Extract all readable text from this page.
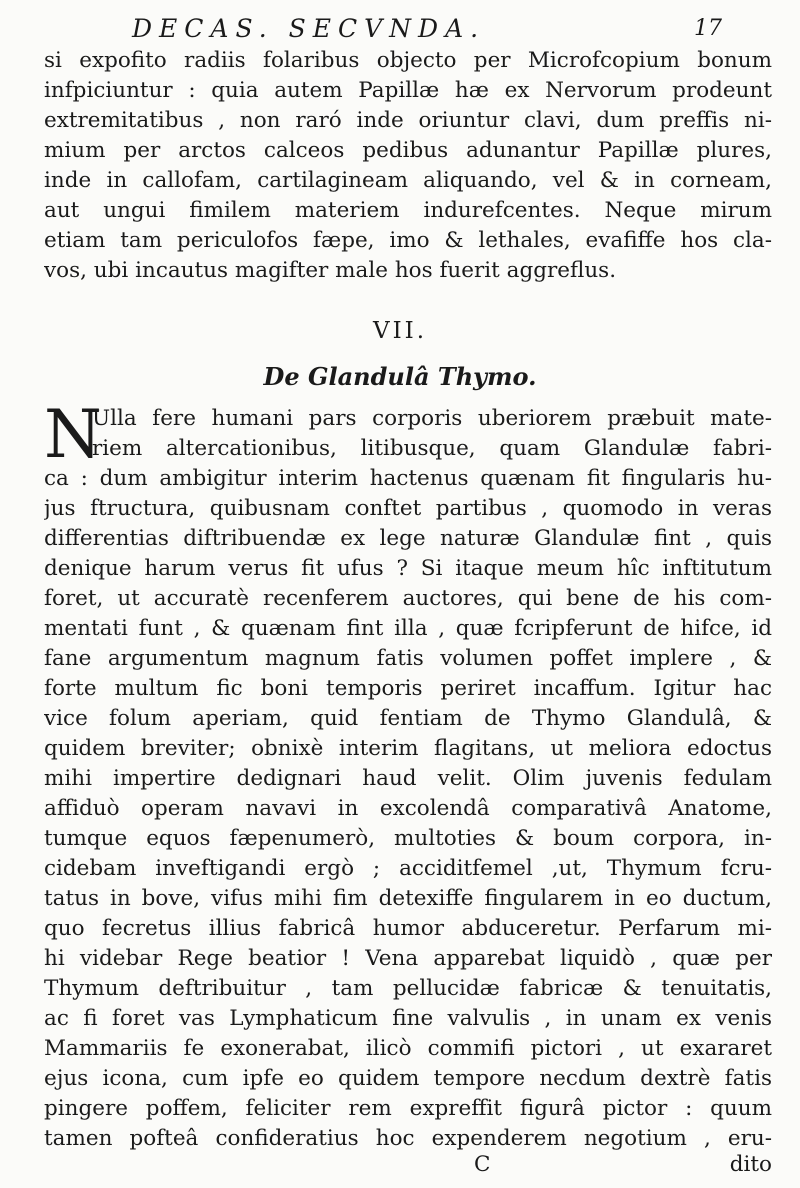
DECAS. SECVNDA.	17
si expofito radiis folaribus objecto per Microfcopium bonum
infpiciuntur : quia autem Papillæ hæ ex Nervorum prodeunt
extremitatibus , non raró inde oriuntur clavi, dum preffis ni-
mium per arctos calceos pedibus adunantur Papillæ plures,
inde in callofam, cartilagineam aliquando, vel & in corneam,
aut ungui fimilem materiem indurefcentes. Neque mirum
etiam tam periculofos fæpe, imo & lethales, evafiffe hos cla-
vos, ubi incautus magifter male hos fuerit aggreflus.
VII.
De Glandulâ Thymo.
N
Ulla fere humani pars corporis uberiorem præbuit mate-
riem altercationibus, litibusque, quam Glandulæ fabri-
ca : dum ambigitur interim hactenus quænam fit fingularis hu-
jus ftructura, quibusnam conftet partibus , quomodo in veras
differentias diftribuendæ ex lege naturæ Glandulæ fint , quis
denique harum verus fit ufus ? Si itaque meum hîc inftitutum
foret, ut accuratè recenferem auctores, qui bene de his com-
mentati funt , & quænam fint illa , quæ fcripferunt de hifce, id
fane argumentum magnum fatis volumen poffet implere , &
forte multum fic boni temporis periret incaffum. Igitur hac
vice folum aperiam, quid fentiam de Thymo Glandulâ, &
quidem breviter; obnixè interim flagitans, ut meliora edoctus
mihi impertire dedignari haud velit. Olim juvenis fedulam
affiduò operam navavi in excolendâ comparativâ Anatome,
tumque equos fæpenumerò, multoties & boum corpora, in-
cidebam inveftigandi ergò ; acciditfemel ,ut, Thymum fcru-
tatus in bove, vifus mihi fim detexiffe fingularem in eo ductum,
quo fecretus illius fabricâ humor abduceretur. Perfarum mi-
hi videbar Rege beatior ! Vena apparebat liquidò , quæ per
Thymum deftribuitur , tam pellucidæ fabricæ & tenuitatis,
ac fi foret vas Lymphaticum fine valvulis , in unam ex venis
Mammariis fe exonerabat, ilicò commifi pictori , ut exararet
ejus icona, cum ipfe eo quidem tempore necdum dextrè fatis
pingere poffem, feliciter rem expreffit figurâ pictor : quum
tamen pofteâ confideratius hoc expenderem negotium , eru-
C	dito
